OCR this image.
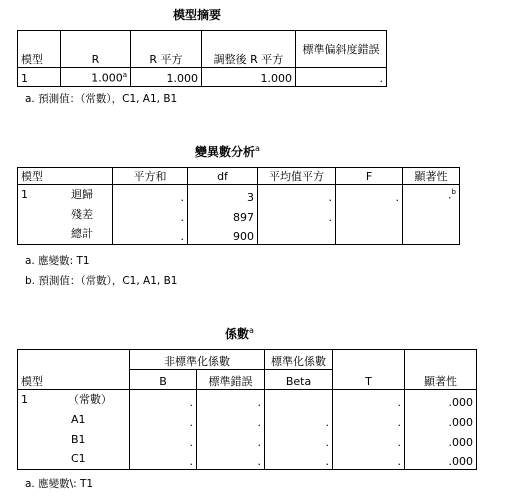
模型摘要
模型	R	R 平方	調整後 R 平方	標準偏斜度錯誤
1	1.000$^a$	1.000	1.000	.
a. 預測值：（常數），C1, A1, B1
變異數分析$^a$
模型	平方和	df	平均值平方	F	顯著性

1 迴歸	.	3	.	.	.$^b$

殘差	.	897	.		

總計	.	900			
a. 應變數: T1
b. 預測值：（常數），C1, A1, B1
係數$^a$
模型	非標準化係數		標準化係數	T	顯著性
	B	標準錯誤	Beta		

1 （常數）	.	.		.	.000

A1	.	.	.	.	.000

B1	.	.	.	.	.000

C1	.	.	.	.	.000
a. 應變數\: T1
